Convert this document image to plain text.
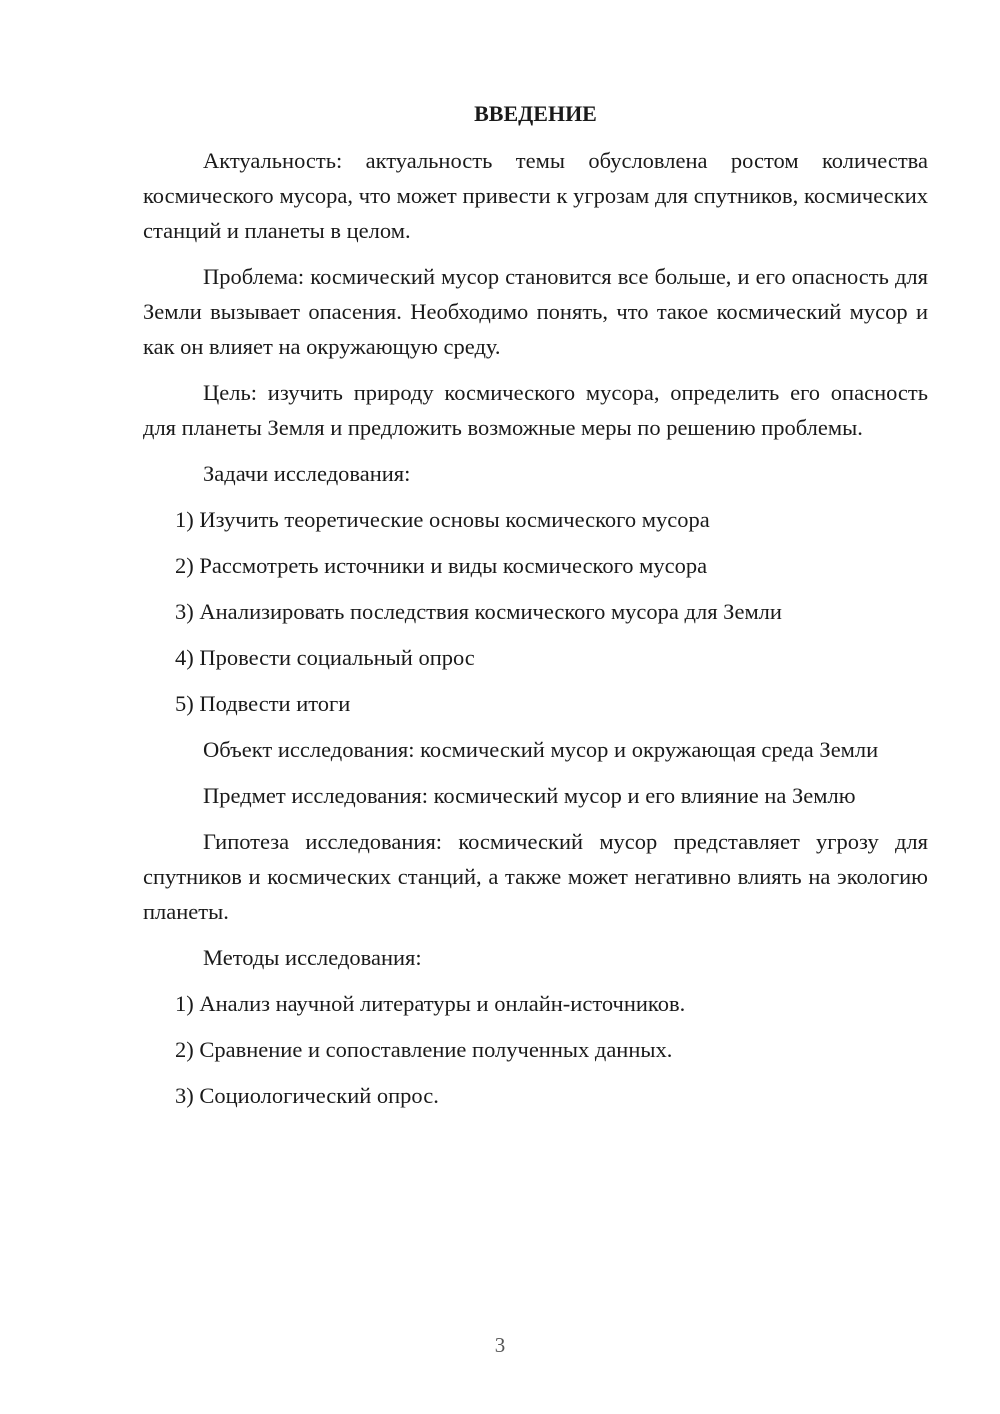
ВВЕДЕНИЕ

Актуальность: актуальность темы обусловлена ростом количества космического мусора, что может привести к угрозам для спутников, космических станций и планеты в целом.

Проблема: космический мусор становится все больше, и его опасность для Земли вызывает опасения. Необходимо понять, что такое космический мусор и как он влияет на окружающую среду.

Цель: изучить природу космического мусора, определить его опасность для планеты Земля и предложить возможные меры по решению проблемы.

Задачи исследования:

1) Изучить теоретические основы космического мусора
2) Рассмотреть источники и виды космического мусора
3) Анализировать последствия космического мусора для Земли
4) Провести социальный опрос
5) Подвести итоги

Объект исследования: космический мусор и окружающая среда Земли

Предмет исследования: космический мусор и его влияние на Землю

Гипотеза исследования: космический мусор представляет угрозу для спутников и космических станций, а также может негативно влиять на экологию планеты.

Методы исследования:

1) Анализ научной литературы и онлайн-источников.
2) Сравнение и сопоставление полученных данных.
3) Социологический опрос.
3
